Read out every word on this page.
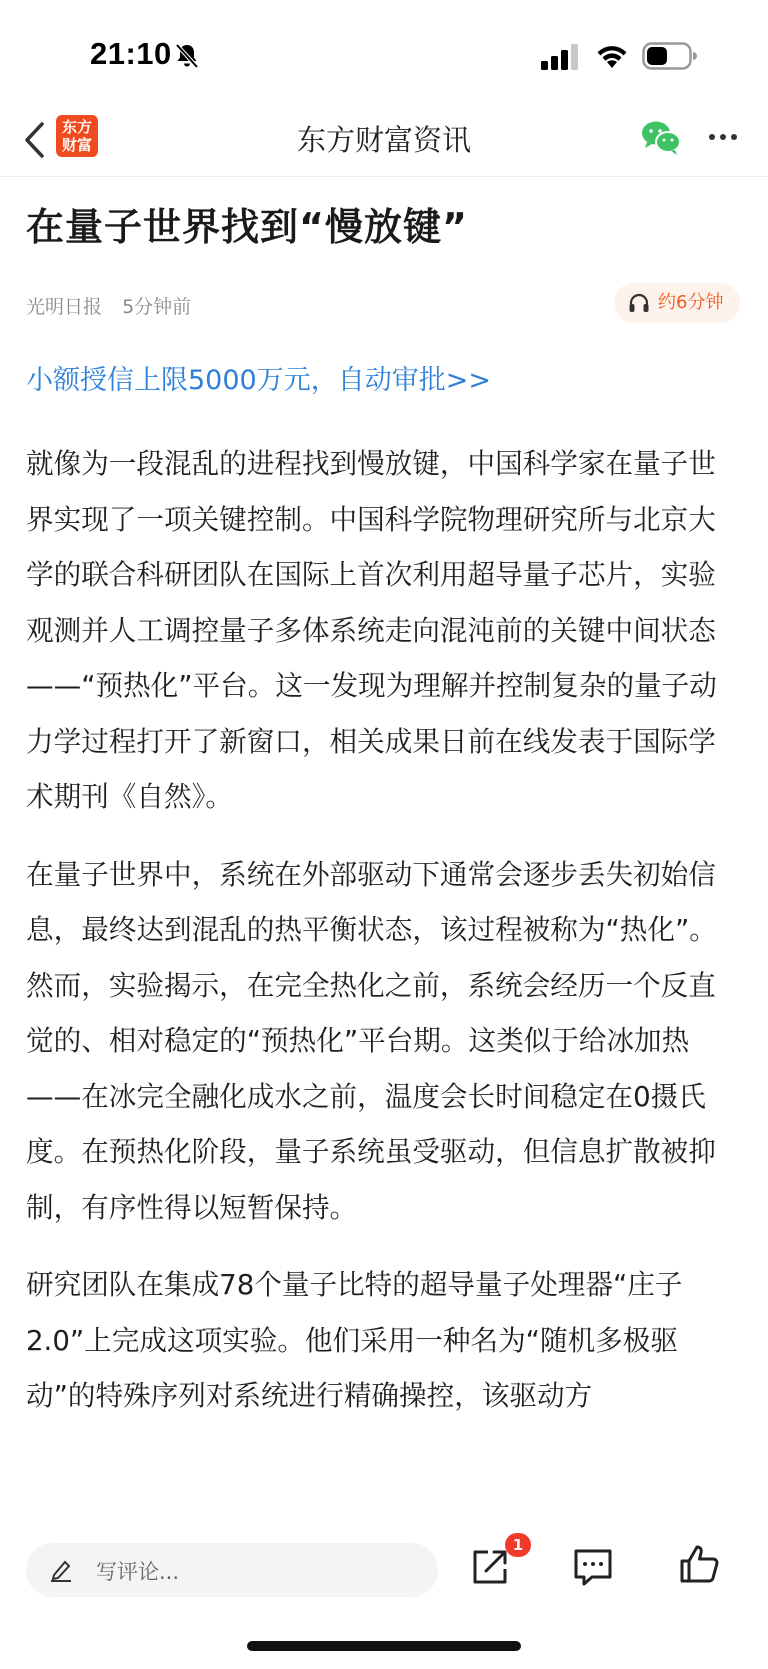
21:10
东方
财富	东方财富资讯
在量子世界找到“慢放键”
光明日报 5分钟前	约6分钟
小额授信上限5000万元，自动审批>>

就像为一段混乱的进程找到慢放键，中国科学家在量子世界实现了一项关键控制。中国科学院物理研究所与北京大学的联合科研团队在国际上首次利用超导量子芯片，实验观测并人工调控量子多体系统走向混沌前的关键中间状态——“预热化”平台。这一发现为理解并控制复杂的量子动力学过程打开了新窗口，相关成果日前在线发表于国际学术期刊《自然》。

在量子世界中，系统在外部驱动下通常会逐步丢失初始信息，最终达到混乱的热平衡状态，该过程被称为“热化”。然而，实验揭示，在完全热化之前，系统会经历一个反直觉的、相对稳定的“预热化”平台期。这类似于给冰加热——在冰完全融化成水之前，温度会长时间稳定在0摄氏度。在预热化阶段，量子系统虽受驱动，但信息扩散被抑制，有序性得以短暂保持。

研究团队在集成78个量子比特的超导量子处理器“庄子2.0”上完成这项实验。他们采用一种名为“随机多极驱动”的特殊序列对系统进行精确操控，该驱动方

写评论...
1
